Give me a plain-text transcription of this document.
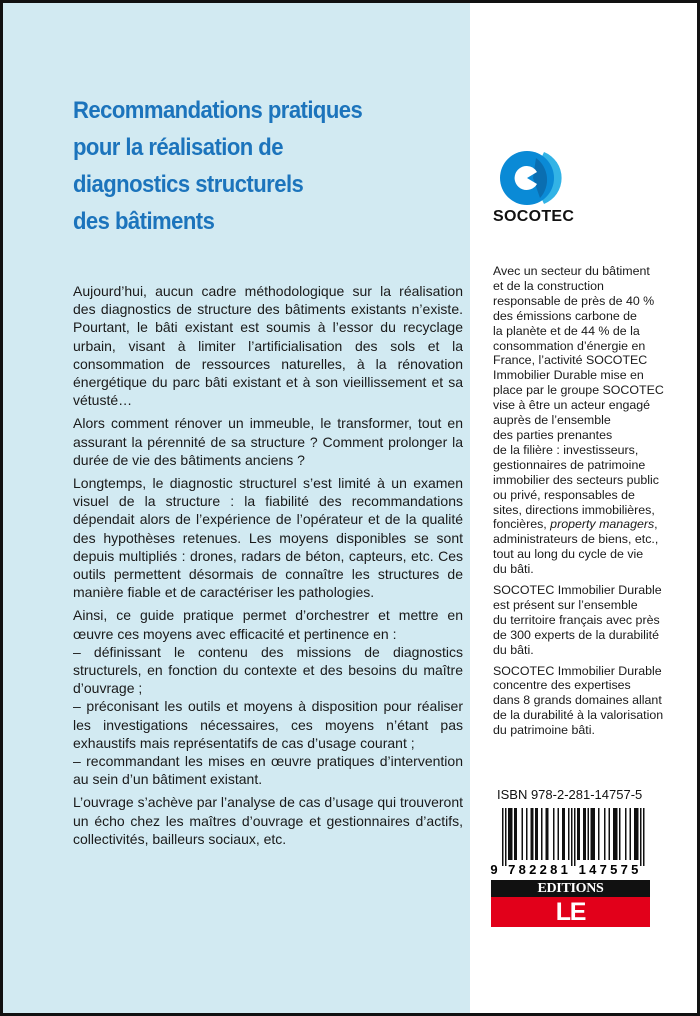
Recommandations pratiques
pour la réalisation de
diagnostics structurels
des bâtiments

Aujourd’hui, aucun cadre méthodologique sur la réalisation des diagnostics de structure des bâtiments existants n’existe. Pourtant, le bâti existant est soumis à l’essor du recyclage urbain, visant à limiter l’artificialisation des sols et la consommation de ressources naturelles, à la rénovation énergétique du parc bâti existant et à son vieillissement et sa vétusté…

Alors comment rénover un immeuble, le transformer, tout en assurant la pérennité de sa structure ? Comment prolonger la durée de vie des bâtiments anciens ?

Longtemps, le diagnostic structurel s’est limité à un examen visuel de la structure : la fiabilité des recommandations dépendait alors de l’expérience de l’opérateur et de la qualité des hypothèses retenues. Les moyens disponibles se sont depuis multipliés : drones, radars de béton, capteurs, etc. Ces outils permettent désormais de connaître les structures de manière fiable et de caractériser les pathologies.

Ainsi, ce guide pratique permet d’orchestrer et mettre en œuvre ces moyens avec efficacité et pertinence en :

– définissant le contenu des missions de diagnostics structurels, en fonction du contexte et des besoins du maître d’ouvrage ;

– préconisant les outils et moyens à disposition pour réaliser les investigations nécessaires, ces moyens n’étant pas exhaustifs mais représentatifs de cas d’usage courant ;

– recommandant les mises en œuvre pratiques d’intervention au sein d’un bâtiment existant.

L’ouvrage s’achève par l’analyse de cas d’usage qui trouveront un écho chez les maîtres d’ouvrage et gestionnaires d’actifs, collectivités, bailleurs sociaux, etc.

SOCOTEC

Avec un secteur du bâtiment
et de la construction
responsable de près de 40 %
des émissions carbone de
la planète et de 44 % de la
consommation d’énergie en
France, l’activité SOCOTEC
Immobilier Durable mise en
place par le groupe SOCOTEC
vise à être un acteur engagé
auprès de l’ensemble
des parties prenantes
de la filière : investisseurs,
gestionnaires de patrimoine
immobilier des secteurs public
ou privé, responsables de
sites, directions immobilières,
foncières, property managers,
administrateurs de biens, etc.,
tout au long du cycle de vie
du bâti.

SOCOTEC Immobilier Durable
est présent sur l’ensemble
du territoire français avec près
de 300 experts de la durabilité
du bâti.

SOCOTEC Immobilier Durable
concentre des expertises
dans 8 grands domaines allant
de la durabilité à la valorisation
du patrimoine bâti.

ISBN 978-2-281-14757-5
9 7 8 2 2 8 1 1 4 7 5 7 5
EDITIONS
LE MONITEUR
